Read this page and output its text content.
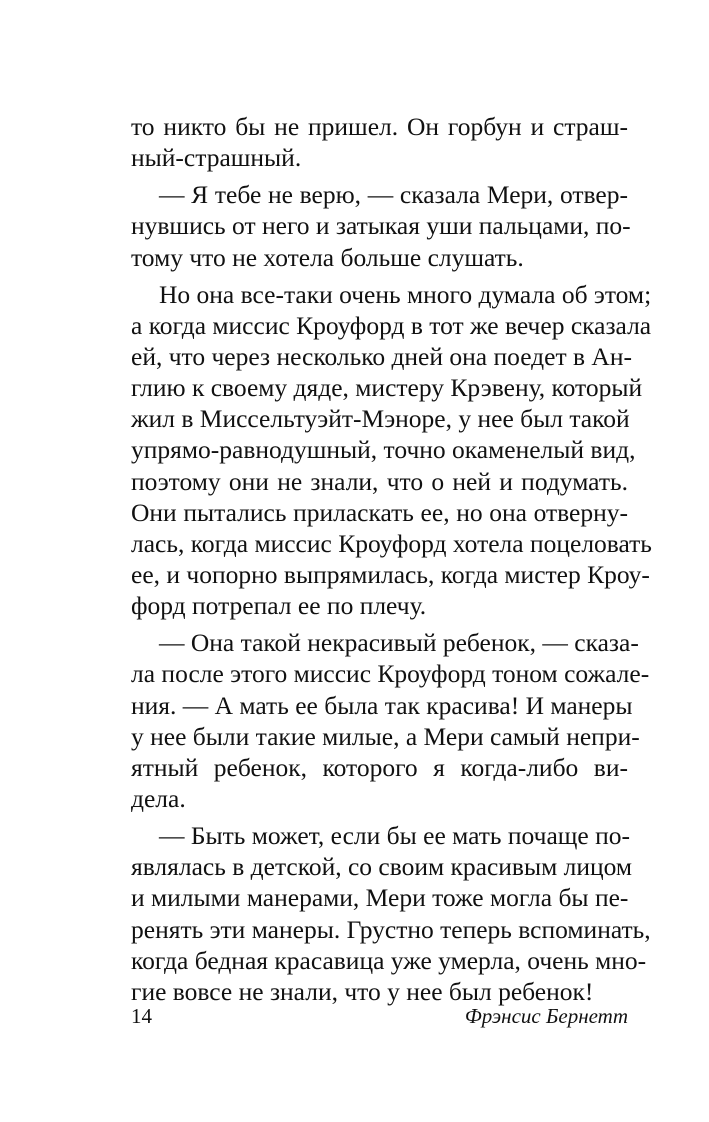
то никто бы не пришел. Он горбун и страш-
ный-страшный.
— Я тебе не верю, — сказала Мери, отвер-
нувшись от него и затыкая уши пальцами, по-
тому что не хотела больше слушать.
Но она все-таки очень много думала об этом;
а когда миссис Кроуфорд в тот же вечер сказала
ей, что через несколько дней она поедет в Ан-
глию к своему дяде, мистеру Крэвену, который
жил в Миссельтуэйт-Мэноре, у нее был такой
упрямо-равнодушный, точно окаменелый вид,
поэтому они не знали, что о ней и подумать.
Они пытались приласкать ее, но она отверну-
лась, когда миссис Кроуфорд хотела поцеловать
ее, и чопорно выпрямилась, когда мистер Кроу-
форд потрепал ее по плечу.
— Она такой некрасивый ребенок, — сказа-
ла после этого миссис Кроуфорд тоном сожале-
ния. — А мать ее была так красива! И манеры
у нее были такие милые, а Мери самый непри-
ятный ребенок, которого я когда-либо ви-
дела.
— Быть может, если бы ее мать почаще по-
являлась в детской, со своим красивым лицом
и милыми манерами, Мери тоже могла бы пе-
ренять эти манеры. Грустно теперь вспоминать,
когда бедная красавица уже умерла, очень мно-
гие вовсе не знали, что у нее был ребенок!
14	Фрэнсис Бернетт
